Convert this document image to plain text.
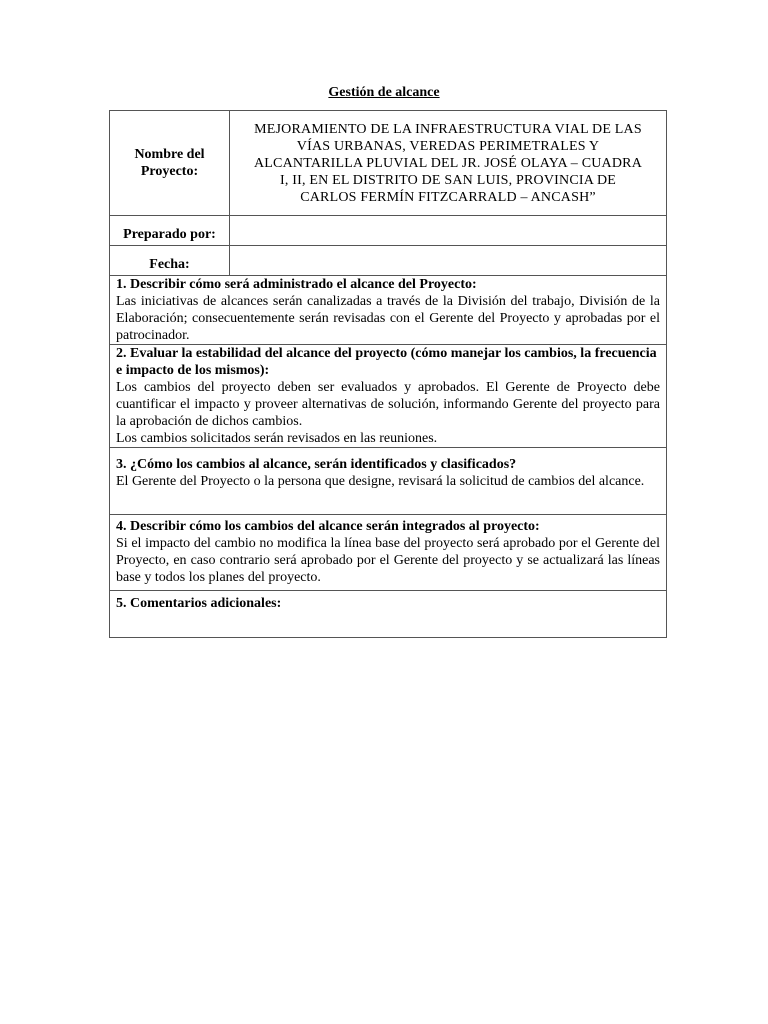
Gestión de alcance
Nombre del Proyecto:	MEJORAMIENTO DE LA INFRAESTRUCTURA VIAL DE LAS
VÍAS URBANAS, VEREDAS PERIMETRALES Y
ALCANTARILLA PLUVIAL DEL JR. JOSÉ OLAYA – CUADRA
I, II, EN EL DISTRITO DE SAN LUIS, PROVINCIA DE
CARLOS FERMÍN FITZCARRALD – ANCASH”

Preparado por:	
Fecha:	

1. Describir cómo será administrado el alcance del Proyecto:
Las iniciativas de alcances serán canalizadas a través de la División del trabajo, División de la Elaboración; consecuentemente serán revisadas con el Gerente del Proyecto y aprobadas por el patrocinador.	

2. Evaluar la estabilidad del alcance del proyecto (cómo manejar los cambios, la frecuencia e impacto de los mismos):
Los cambios del proyecto deben ser evaluados y aprobados. El Gerente de Proyecto debe cuantificar el impacto y proveer alternativas de solución, informando Gerente del proyecto para la aprobación de dichos cambios.
Los cambios solicitados serán revisados en las reuniones.	

3. ¿Cómo los cambios al alcance, serán identificados y clasificados?
El Gerente del Proyecto o la persona que designe, revisará la solicitud de cambios del alcance.	

4. Describir cómo los cambios del alcance serán integrados al proyecto:
Si el impacto del cambio no modifica la línea base del proyecto será aprobado por el Gerente del Proyecto, en caso contrario será aprobado por el Gerente del proyecto y se actualizará las líneas base y todos los planes del proyecto.	

5. Comentarios adicionales:	
